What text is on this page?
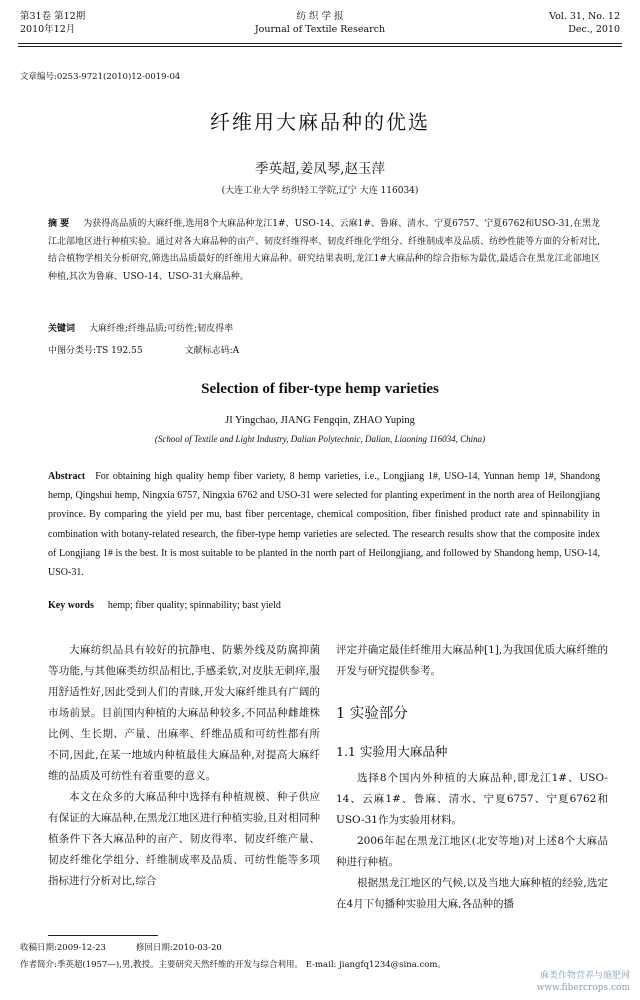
第31卷 第12期
2010年12月
纺 织 学 报
Journal of Textile Research
Vol. 31, No. 12
Dec., 2010
文章编号:0253-9721(2010)12-0019-04
纤维用大麻品种的优选
季英超,姜凤琴,赵玉萍
(大连工业大学 纺织轻工学院,辽宁 大连 116034)
摘 要 为获得高品质的大麻纤维,选用8个大麻品种龙江1#、USO-14、云麻1#、鲁麻、清水、宁夏6757、宁夏6762和USO-31,在黑龙江北部地区进行种植实验。通过对各大麻品种的亩产、韧皮纤维得率、韧皮纤维化学组分、纤维制成率及品质、纺纱性能等方面的分析对比,结合植物学相关分析研究,筛选出品质最好的纤维用大麻品种。研究结果表明,龙江1#大麻品种的综合指标为最优,最适合在黑龙江北部地区种植,其次为鲁麻、USO-14、USO-31大麻品种。
关键词 大麻纤维;纤维品质;可纺性;韧皮得率
中图分类号:TS 192.55	文献标志码:A
Selection of fiber-type hemp varieties
JI Yingchao, JIANG Fengqin, ZHAO Yuping
(School of Textile and Light Industry, Dalian Polytechnic, Dalian, Liaoning 116034, China)
Abstract For obtaining high quality hemp fiber variety, 8 hemp varieties, i.e., Longjiang 1#, USO-14, Yunnan hemp 1#, Shandong hemp, Qingshui hemp, Ningxia 6757, Ningxia 6762 and USO-31 were selected for planting experiment in the north area of Heilongjiang province. By comparing the yield per mu, bast fiber percentage, chemical composition, fiber finished product rate and spinnability in combination with botany-related research, the fiber-type hemp varieties are selected. The research results show that the composite index of Longjiang 1# is the best. It is most suitable to be planted in the north part of Heilongjiang, and followed by Shandong hemp, USO-14, USO-31.
Key words hemp; fiber quality; spinnability; bast yield

大麻纺织品具有较好的抗静电、防紫外线及防腐抑菌等功能,与其他麻类纺织品相比,手感柔软,对皮肤无刺痒,服用舒适性好,因此受到人们的青睐,开发大麻纤维具有广阔的市场前景。目前国内种植的大麻品种较多,不同品种雌雄株比例、生长期、产量、出麻率、纤维品质和可纺性都有所不同,因此,在某一地域内种植最佳大麻品种,对提高大麻纤维的品质及可纺性有着重要的意义。

本文在众多的大麻品种中选择有种植规模、种子供应有保证的大麻品种,在黑龙江地区进行种植实验,且对相同种植条件下各大麻品种的亩产、韧皮得率、韧皮纤维产量、韧皮纤维化学组分、纤维制成率及品质、可纺性能等多项指标进行分析对比,综合

评定并确定最佳纤维用大麻品种[1],为我国优质大麻纤维的开发与研究提供参考。

1 实验部分
1.1 实验用大麻品种

选择8个国内外种植的大麻品种,即龙江1#、USO-14、云麻1#、鲁麻、清水、宁夏6757、宁夏6762和USO-31作为实验用材料。

2006年起在黑龙江地区(北安等地)对上述8个大麻品种进行种植。

根据黑龙江地区的气候,以及当地大麻种植的经验,选定在4月下旬播种实验用大麻,各品种的播

收稿日期:2009-12-23	修回日期:2010-03-20
作者简介:季英超(1957—),男,教授。主要研究天然纤维的开发与综合利用。 E-mail: jiangfq1234@sina.com。
麻类作物营养与施肥网
www.fibercrops.com
